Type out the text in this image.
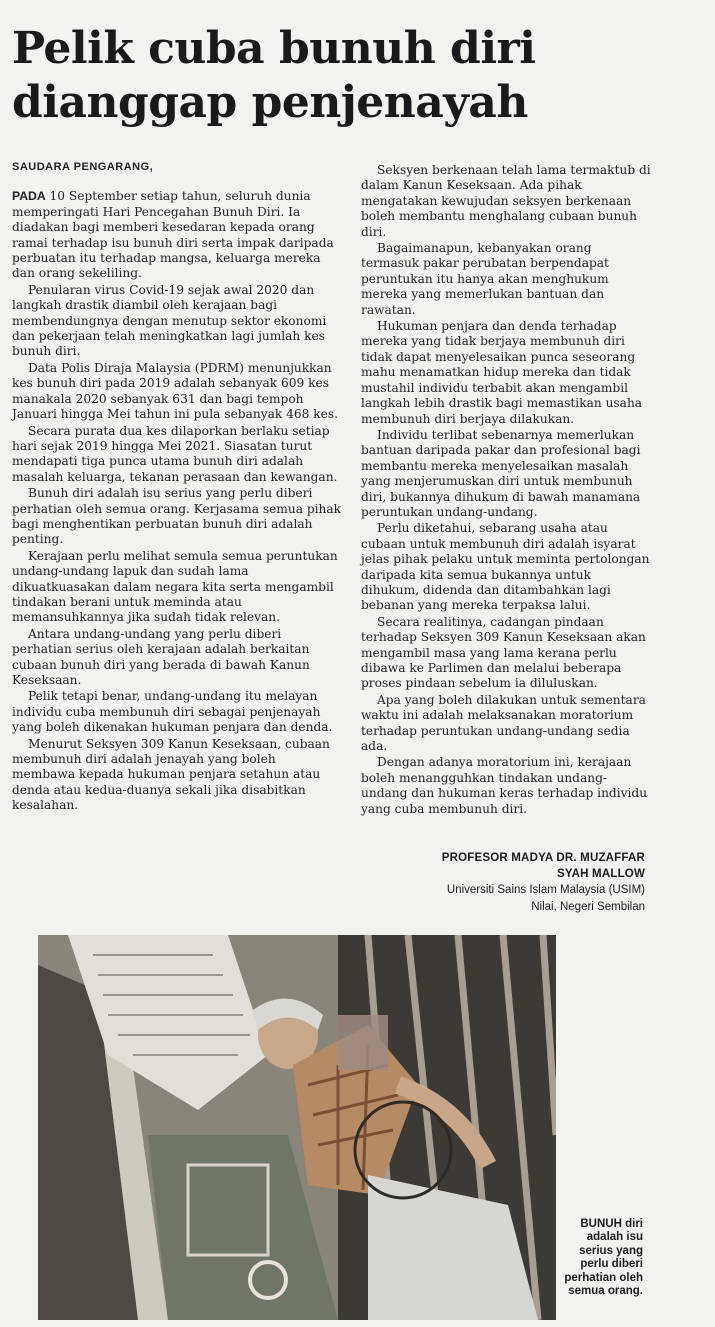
Pelik cuba bunuh diri
dianggap penjenayah
SAUDARA PENGARANG,

PADA 10 September setiap tahun, seluruh dunia memperingati Hari Pencegahan Bunuh Diri. Ia diadakan bagi memberi kesedaran kepada orang ramai terhadap isu bunuh diri serta impak daripada perbuatan itu terhadap mangsa, keluarga mereka dan orang sekeliling.

Penularan virus Covid-19 sejak awal 2020 dan langkah drastik diambil oleh kerajaan bagi membendungnya dengan menutup sektor ekonomi dan pekerjaan telah meningkatkan lagi jumlah kes bunuh diri.

Data Polis Diraja Malaysia (PDRM) menunjukkan kes bunuh diri pada 2019 adalah sebanyak 609 kes manakala 2020 sebanyak 631 dan bagi tempoh Januari hingga Mei tahun ini pula sebanyak 468 kes.

Secara purata dua kes dilaporkan berlaku setiap hari sejak 2019 hingga Mei 2021. Siasatan turut mendapati tiga punca utama bunuh diri adalah masalah keluarga, tekanan perasaan dan kewangan.

Bunuh diri adalah isu serius yang perlu diberi perhatian oleh semua orang. Kerjasama semua pihak bagi menghentikan perbuatan bunuh diri adalah penting.

Kerajaan perlu melihat semula semua peruntukan undang-undang lapuk dan sudah lama dikuatkuasakan dalam negara kita serta mengambil tindakan berani untuk meminda atau memansuhkannya jika sudah tidak relevan.

Antara undang-undang yang perlu diberi perhatian serius oleh kerajaan adalah berkaitan cubaan bunuh diri yang berada di bawah Kanun Keseksaan.

Pelik tetapi benar, undang-undang itu melayan individu cuba membunuh diri sebagai penjenayah yang boleh dikenakan hukuman penjara dan denda.

Menurut Seksyen 309 Kanun Keseksaan, cubaan membunuh diri adalah jenayah yang boleh membawa kepada hukuman penjara setahun atau denda atau kedua-duanya sekali jika disabitkan kesalahan.

Seksyen berkenaan telah lama termaktub di dalam Kanun Keseksaan. Ada pihak mengatakan kewujudan seksyen berkenaan boleh membantu menghalang cubaan bunuh diri.

Bagaimanapun, kebanyakan orang termasuk pakar perubatan berpendapat peruntukan itu hanya akan menghukum mereka yang memerlukan bantuan dan rawatan.

Hukuman penjara dan denda terhadap mereka yang tidak berjaya membunuh diri tidak dapat menyelesaikan punca seseorang mahu menamatkan hidup mereka dan tidak mustahil individu terbabit akan mengambil langkah lebih drastik bagi memastikan usaha membunuh diri berjaya dilakukan.

Individu terlibat sebenarnya memerlukan bantuan daripada pakar dan profesional bagi membantu mereka menyelesaikan masalah yang menjerumuskan diri untuk membunuh diri, bukannya dihukum di bawah manamana peruntukan undang-undang.

Perlu diketahui, sebarang usaha atau cubaan untuk membunuh diri adalah isyarat jelas pihak pelaku untuk meminta pertolongan daripada kita semua bukannya untuk dihukum, didenda dan ditambahkan lagi bebanan yang mereka terpaksa lalui.

Secara realitinya, cadangan pindaan terhadap Seksyen 309 Kanun Keseksaan akan mengambil masa yang lama kerana perlu dibawa ke Parlimen dan melalui beberapa proses pindaan sebelum ia diluluskan.

Apa yang boleh dilakukan untuk sementara waktu ini adalah melaksanakan moratorium terhadap peruntukan undang-undang sedia ada.

Dengan adanya moratorium ini, kerajaan boleh menangguhkan tindakan undang-undang dan hukuman keras terhadap individu yang cuba membunuh diri.

PROFESOR MADYA DR. MUZAFFAR
SYAH MALLOW
Universiti Sains Islam Malaysia (USIM)
Nilai, Negeri Sembilan
BUNUH diri adalah isu serius yang perlu diberi perhatian oleh semua orang.
